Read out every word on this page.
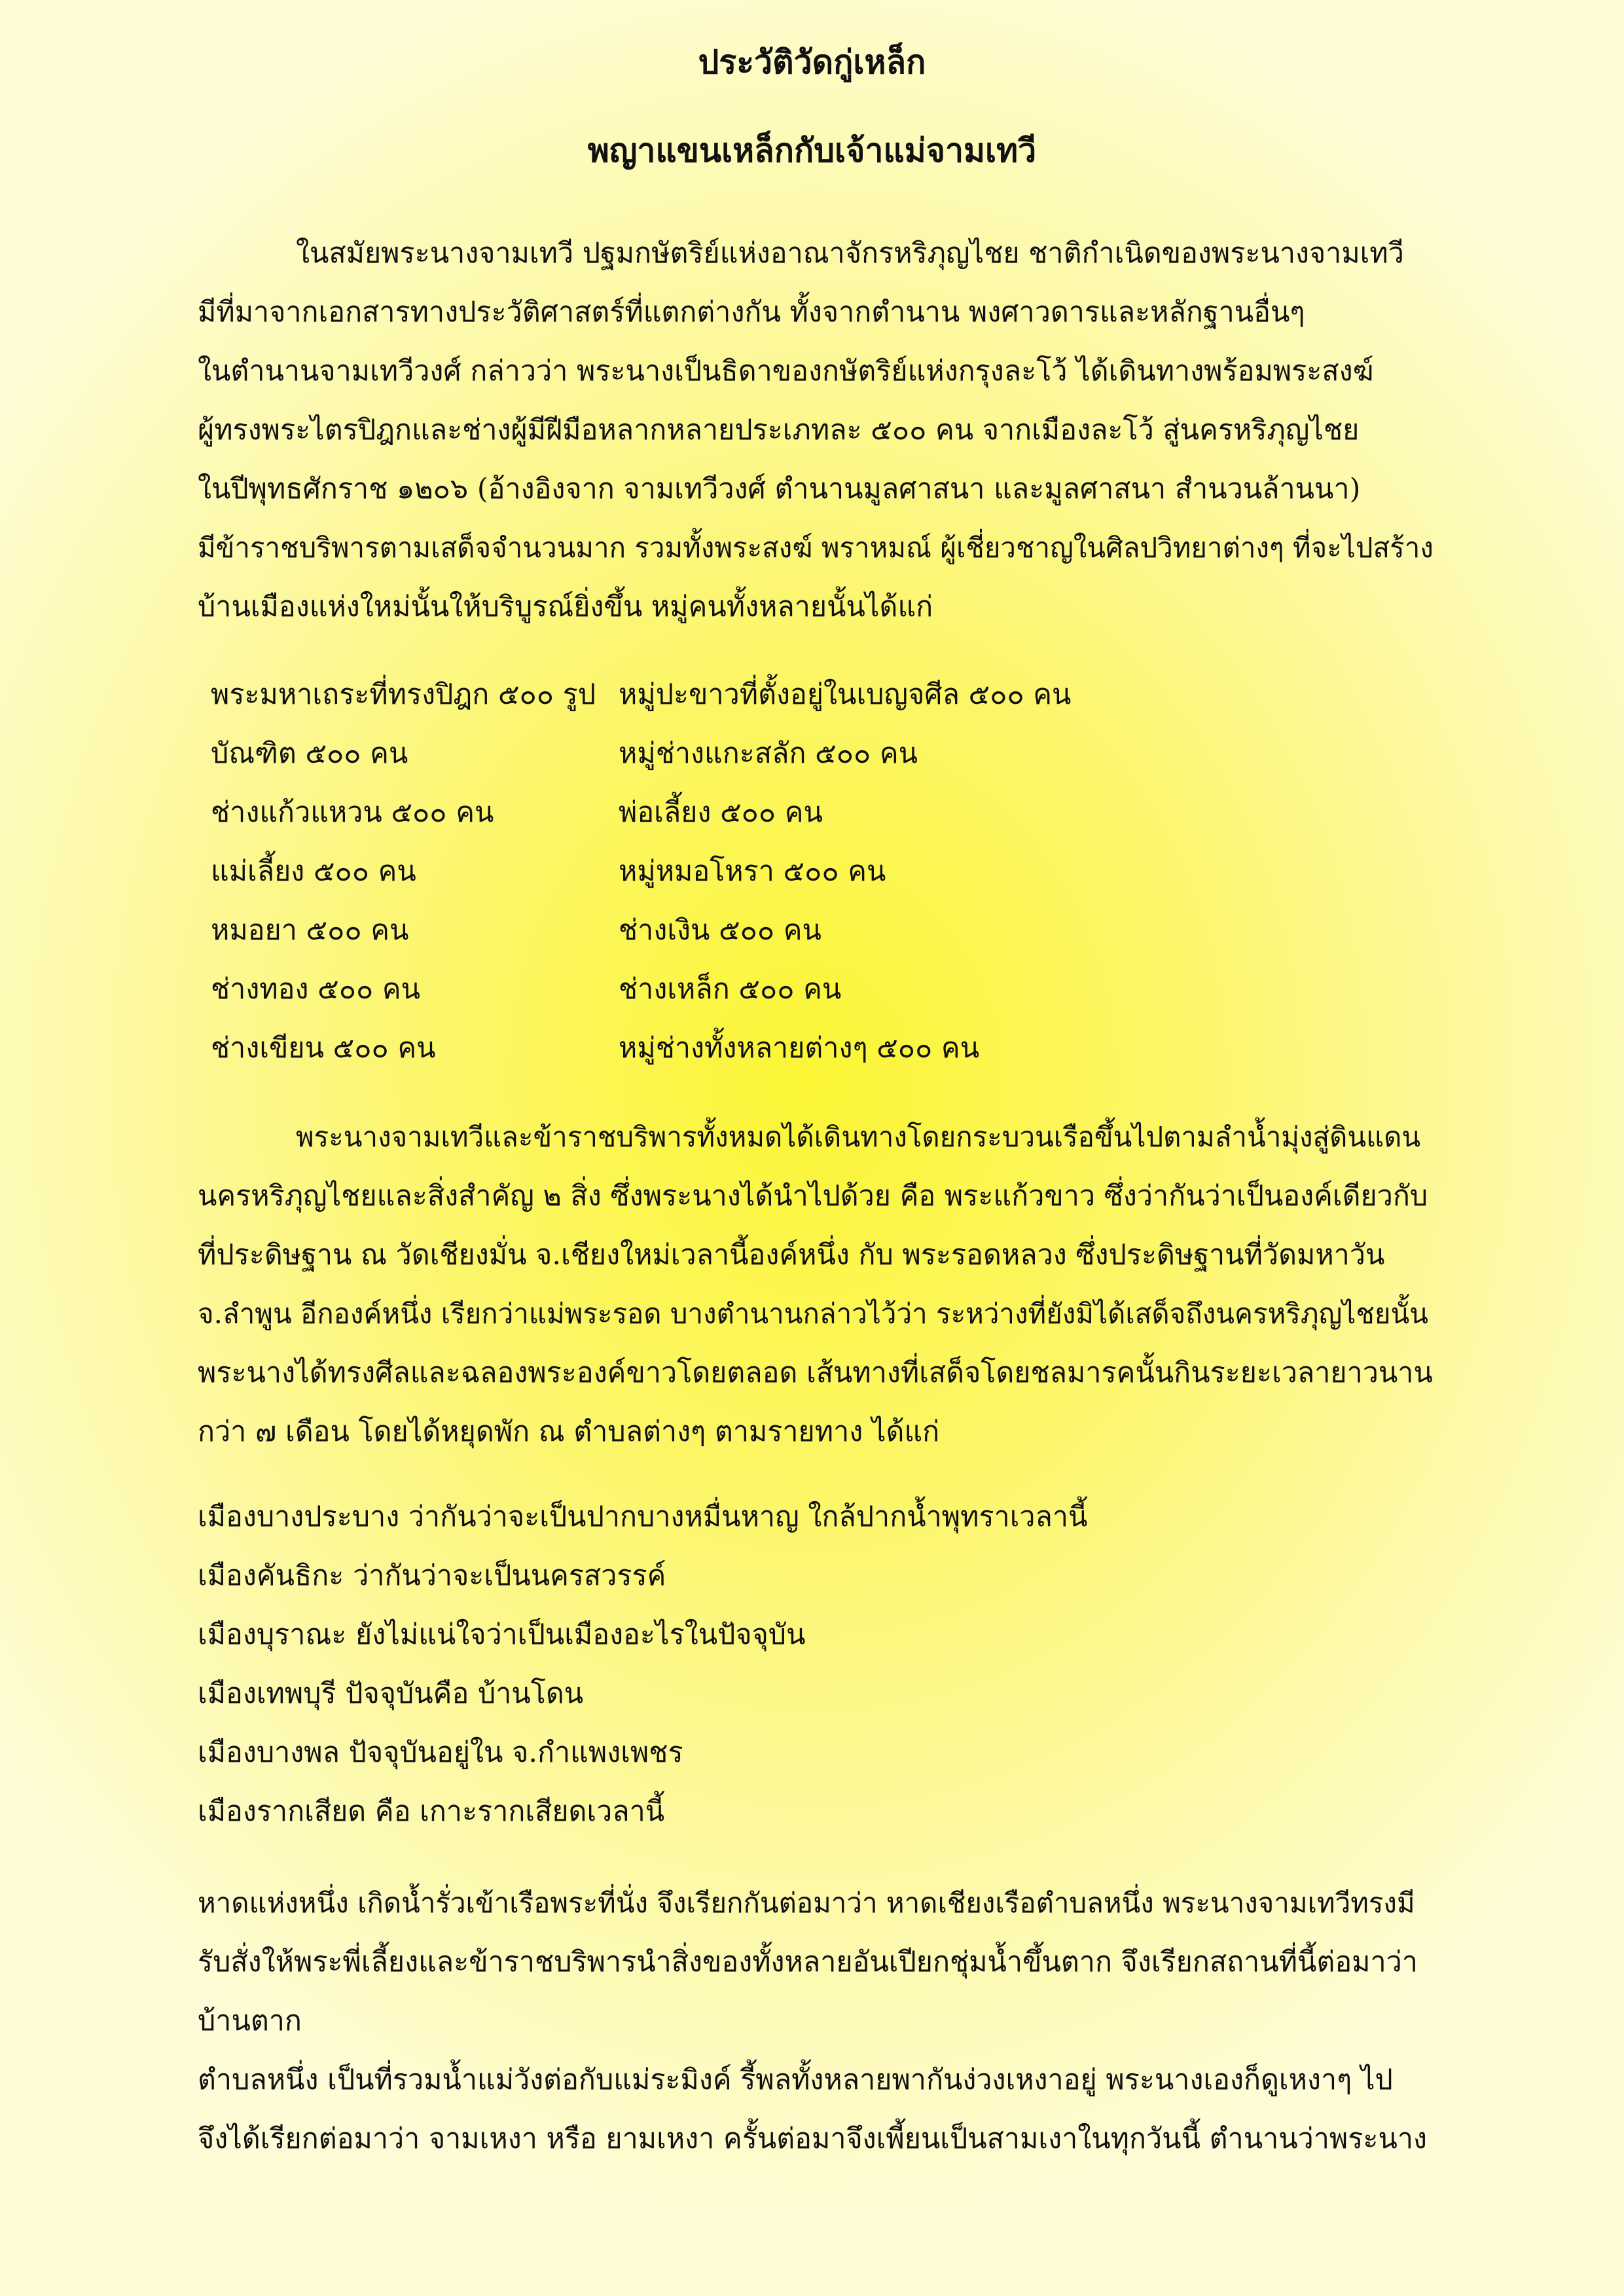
ประวัติวัดกู่เหล็ก
พญาแขนเหล็กกับเจ้าแม่จามเทวี
ในสมัยพระนางจามเทวี ปฐมกษัตริย์แห่งอาณาจักรหริภุญไชย ชาติกำเนิดของพระนางจามเทวี
มีที่มาจากเอกสารทางประวัติศาสตร์ที่แตกต่างกัน ทั้งจากตำนาน พงศาวดารและหลักฐานอื่นๆ
ในตำนานจามเทวีวงศ์ กล่าวว่า พระนางเป็นธิดาของกษัตริย์แห่งกรุงละโว้ ได้เดินทางพร้อมพระสงฆ์
ผู้ทรงพระไตรปิฎกและช่างผู้มีฝีมือหลากหลายประเภทละ ๕๐๐ คน จากเมืองละโว้ สู่นครหริภุญไชย
ในปีพุทธศักราช ๑๒๐๖ (อ้างอิงจาก จามเทวีวงศ์ ตำนานมูลศาสนา และมูลศาสนา สำนวนล้านนา)
มีข้าราชบริพารตามเสด็จจำนวนมาก รวมทั้งพระสงฆ์ พราหมณ์ ผู้เชี่ยวชาญในศิลปวิทยาต่างๆ ที่จะไปสร้าง
บ้านเมืองแห่งใหม่นั้นให้บริบูรณ์ยิ่งขึ้น หมู่คนทั้งหลายนั้นได้แก่
พระมหาเถระที่ทรงปิฎก ๕๐๐ รูป
บัณฑิต ๕๐๐ คน
ช่างแก้วแหวน ๕๐๐ คน
แม่เลี้ยง ๕๐๐ คน
หมอยา ๕๐๐ คน
ช่างทอง ๕๐๐ คน
ช่างเขียน ๕๐๐ คน
หมู่ปะขาวที่ตั้งอยู่ในเบญจศีล ๕๐๐ คน
หมู่ช่างแกะสลัก ๕๐๐ คน
พ่อเลี้ยง ๕๐๐ คน
หมู่หมอโหรา ๕๐๐ คน
ช่างเงิน ๕๐๐ คน
ช่างเหล็ก ๕๐๐ คน
หมู่ช่างทั้งหลายต่างๆ ๕๐๐ คน
พระนางจามเทวีและข้าราชบริพารทั้งหมดได้เดินทางโดยกระบวนเรือขึ้นไปตามลำน้ำมุ่งสู่ดินแดน
นครหริภุญไชยและสิ่งสำคัญ ๒ สิ่ง ซึ่งพระนางได้นำไปด้วย คือ พระแก้วขาว ซึ่งว่ากันว่าเป็นองค์เดียวกับ
ที่ประดิษฐาน ณ วัดเชียงมั่น จ.เชียงใหม่เวลานี้องค์หนึ่ง กับ พระรอดหลวง ซึ่งประดิษฐานที่วัดมหาวัน
จ.ลำพูน อีกองค์หนึ่ง เรียกว่าแม่พระรอด บางตำนานกล่าวไว้ว่า ระหว่างที่ยังมิได้เสด็จถึงนครหริภุญไชยนั้น
พระนางได้ทรงศีลและฉลองพระองค์ขาวโดยตลอด เส้นทางที่เสด็จโดยชลมารคนั้นกินระยะเวลายาวนาน
กว่า ๗ เดือน โดยได้หยุดพัก ณ ตำบลต่างๆ ตามรายทาง ได้แก่
เมืองบางประบาง ว่ากันว่าจะเป็นปากบางหมื่นหาญ ใกล้ปากน้ำพุทราเวลานี้
เมืองคันธิกะ ว่ากันว่าจะเป็นนครสวรรค์
เมืองบุราณะ ยังไม่แน่ใจว่าเป็นเมืองอะไรในปัจจุบัน
เมืองเทพบุรี ปัจจุบันคือ บ้านโดน
เมืองบางพล ปัจจุบันอยู่ใน จ.กำแพงเพชร
เมืองรากเสียด คือ เกาะรากเสียดเวลานี้
หาดแห่งหนึ่ง เกิดน้ำรั่วเข้าเรือพระที่นั่ง จึงเรียกกันต่อมาว่า หาดเชียงเรือตำบลหนึ่ง พระนางจามเทวีทรงมี
รับสั่งให้พระพี่เลี้ยงและข้าราชบริพารนำสิ่งของทั้งหลายอันเปียกชุ่มน้ำขึ้นตาก จึงเรียกสถานที่นี้ต่อมาว่า
บ้านตาก
ตำบลหนึ่ง เป็นที่รวมน้ำแม่วังต่อกับแม่ระมิงค์ รี้พลทั้งหลายพากันง่วงเหงาอยู่ พระนางเองก็ดูเหงาๆ ไป
จึงได้เรียกต่อมาว่า จามเหงา หรือ ยามเหงา ครั้นต่อมาจึงเพี้ยนเป็นสามเงาในทุกวันนี้ ตำนานว่าพระนาง
